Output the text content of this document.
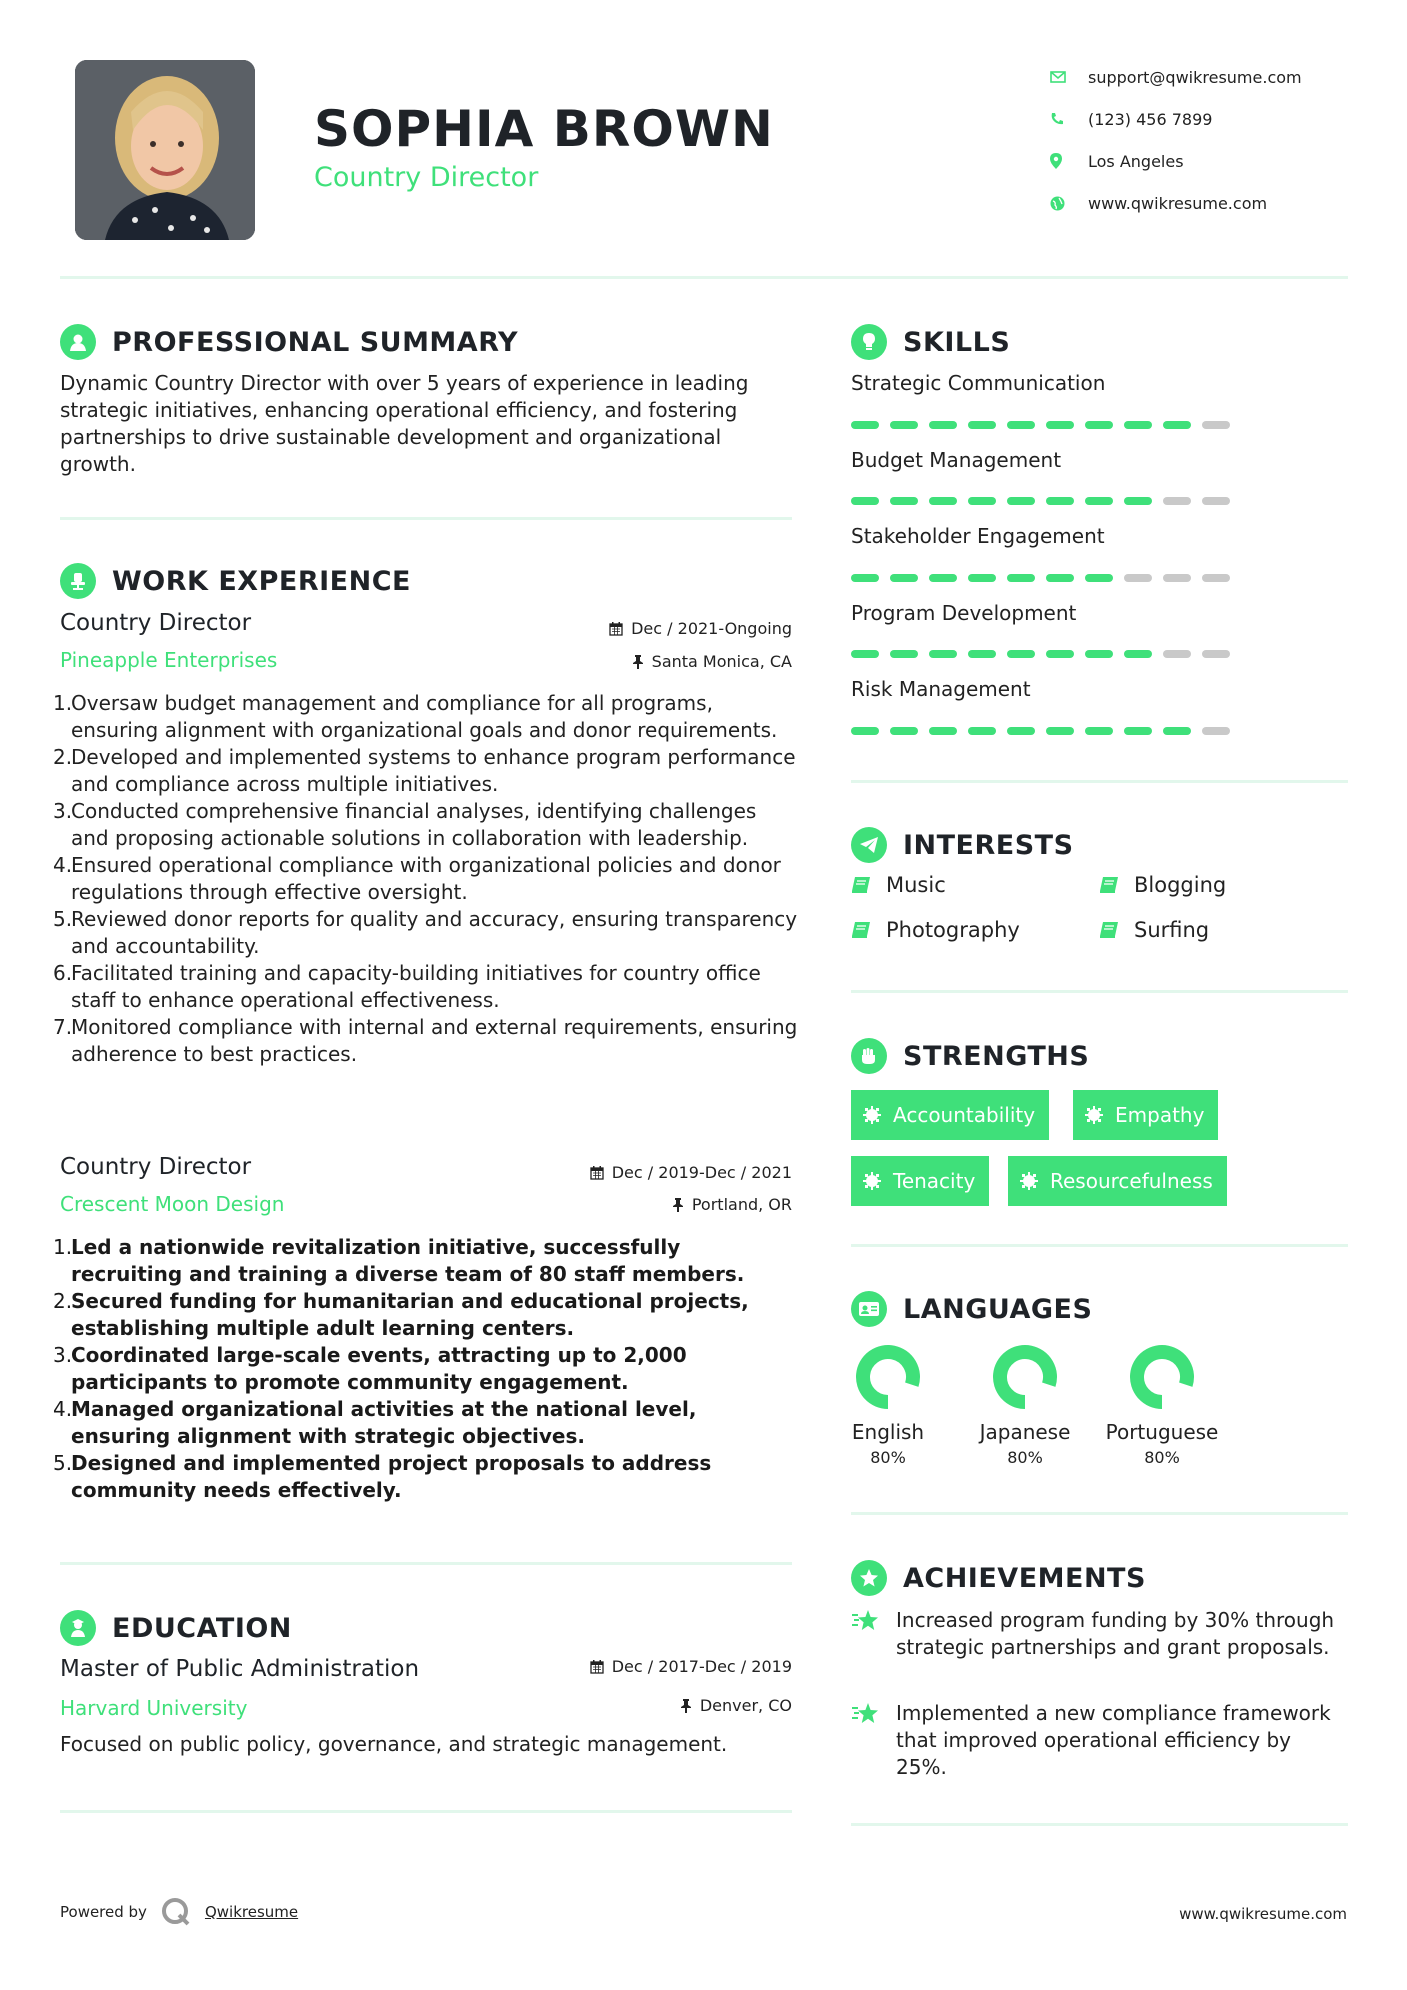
SOPHIA BROWN
Country Director
support@qwikresume.com
(123) 456 7899
Los Angeles
www.qwikresume.com
PROFESSIONAL SUMMARY
Dynamic Country Director with over 5 years of experience in leading strategic initiatives, enhancing operational efficiency, and fostering partnerships to drive sustainable development and organizational growth.
WORK EXPERIENCE
Country Director	Dec / 2021-Ongoing
Pineapple Enterprises	Santa Monica, CA
1.
Oversaw budget management and compliance for all programs, ensuring alignment with organizational goals and donor requirements.
2.
Developed and implemented systems to enhance program performance and compliance across multiple initiatives.
3.
Conducted comprehensive financial analyses, identifying challenges and proposing actionable solutions in collaboration with leadership.
4.
Ensured operational compliance with organizational policies and donor regulations through effective oversight.
5.
Reviewed donor reports for quality and accuracy, ensuring transparency and accountability.
6.
Facilitated training and capacity-building initiatives for country office staff to enhance operational effectiveness.
7.
Monitored compliance with internal and external requirements, ensuring adherence to best practices.
Country Director	Dec / 2019-Dec / 2021
Crescent Moon Design	Portland, OR
1.
Led a nationwide revitalization initiative, successfully recruiting and training a diverse team of 80 staff members.
2.
Secured funding for humanitarian and educational projects, establishing multiple adult learning centers.
3.
Coordinated large-scale events, attracting up to 2,000 participants to promote community engagement.
4.
Managed organizational activities at the national level, ensuring alignment with strategic objectives.
5.
Designed and implemented project proposals to address community needs effectively.
EDUCATION
Master of Public Administration	Dec / 2017-Dec / 2019
Harvard University	Denver, CO
Focused on public policy, governance, and strategic management.
SKILLS
Strategic Communication
Budget Management
Stakeholder Engagement
Program Development
Risk Management
INTERESTS
Music	Blogging
Photography	Surfing
STRENGTHS
Accountability	Empathy
Tenacity	Resourcefulness
LANGUAGES
English
80%
Japanese
80%
Portuguese
80%
ACHIEVEMENTS
Increased program funding by 30% through strategic partnerships and grant proposals.
Implemented a new compliance framework that improved operational efficiency by 25%.
Powered by	Qwikresume	www.qwikresume.com
